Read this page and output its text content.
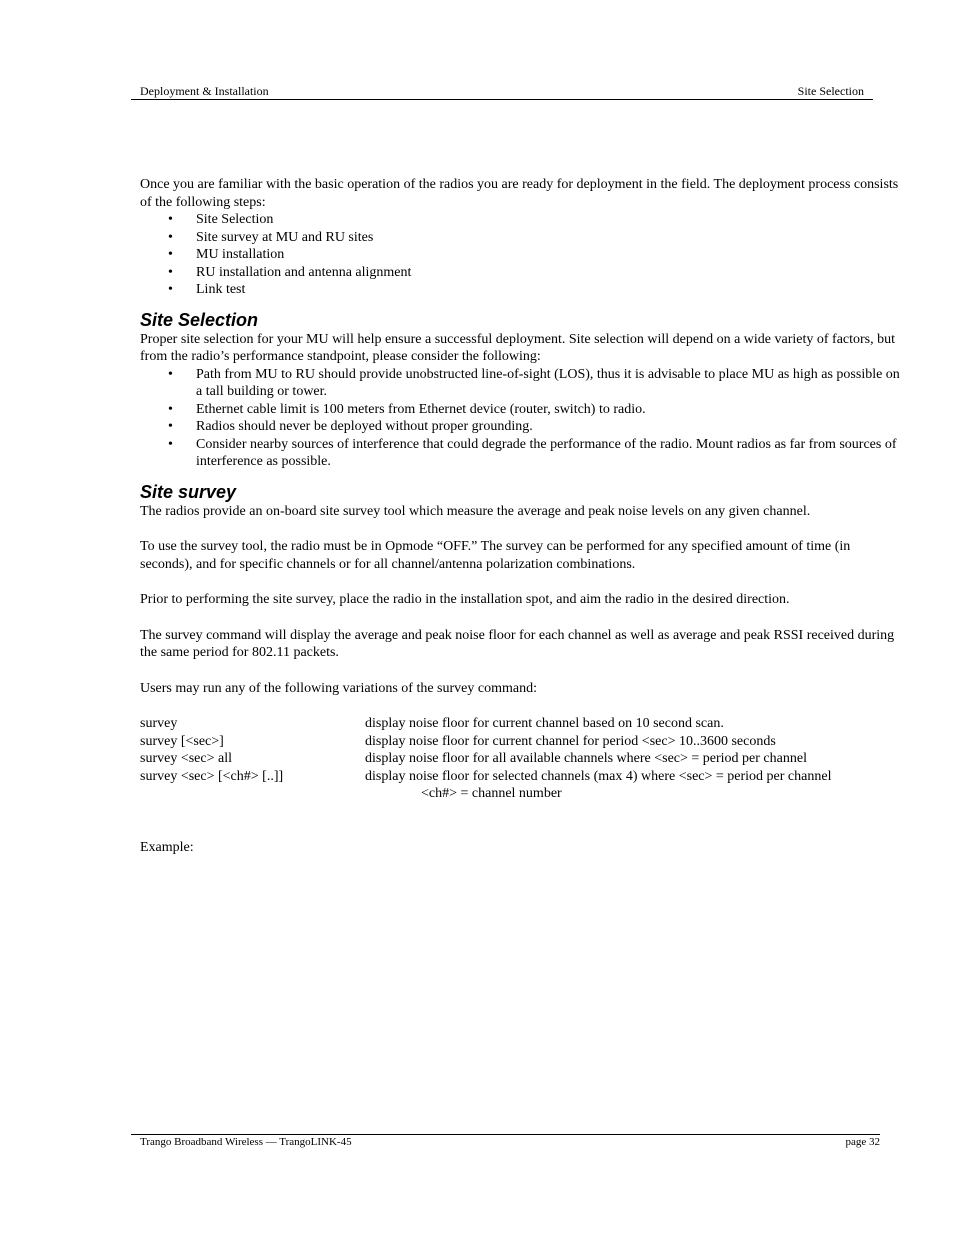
Deployment & Installation	Site Selection

Once you are familiar with the basic operation of the radios you are ready for deployment in the field. The deployment process consists of the following steps:

• Site Selection
• Site survey at MU and RU sites
• MU installation
• RU installation and antenna alignment
• Link test
Site Selection

Proper site selection for your MU will help ensure a successful deployment. Site selection will depend on a wide variety of factors, but from the radio’s performance standpoint, please consider the following:

• Path from MU to RU should provide unobstructed line-of-sight (LOS), thus it is advisable to place MU as high as possible on a tall building or tower.
• Ethernet cable limit is 100 meters from Ethernet device (router, switch) to radio.
• Radios should never be deployed without proper grounding.
• Consider nearby sources of interference that could degrade the performance of the radio. Mount radios as far from sources of interference as possible.
Site survey

The radios provide an on-board site survey tool which measure the average and peak noise levels on any given channel.

To use the survey tool, the radio must be in Opmode “OFF.” The survey can be performed for any specified amount of time (in seconds), and for specific channels or for all channel/antenna polarization combinations.

Prior to performing the site survey, place the radio in the installation spot, and aim the radio in the desired direction.

The survey command will display the average and peak noise floor for each channel as well as average and peak RSSI received during the same period for 802.11 packets.

Users may run any of the following variations of the survey command:

survey	display noise floor for current channel based on 10 second scan.
survey [<sec>]	display noise floor for current channel for period <sec> 10..3600 seconds
survey <sec> all	display noise floor for all available channels where <sec> = period per channel
survey <sec> [<ch#> [..]]	display noise floor for selected channels (max 4) where <sec> = period per channel
<ch#> = channel number

Example:

Trango Broadband Wireless — TrangoLINK-45	page 32
